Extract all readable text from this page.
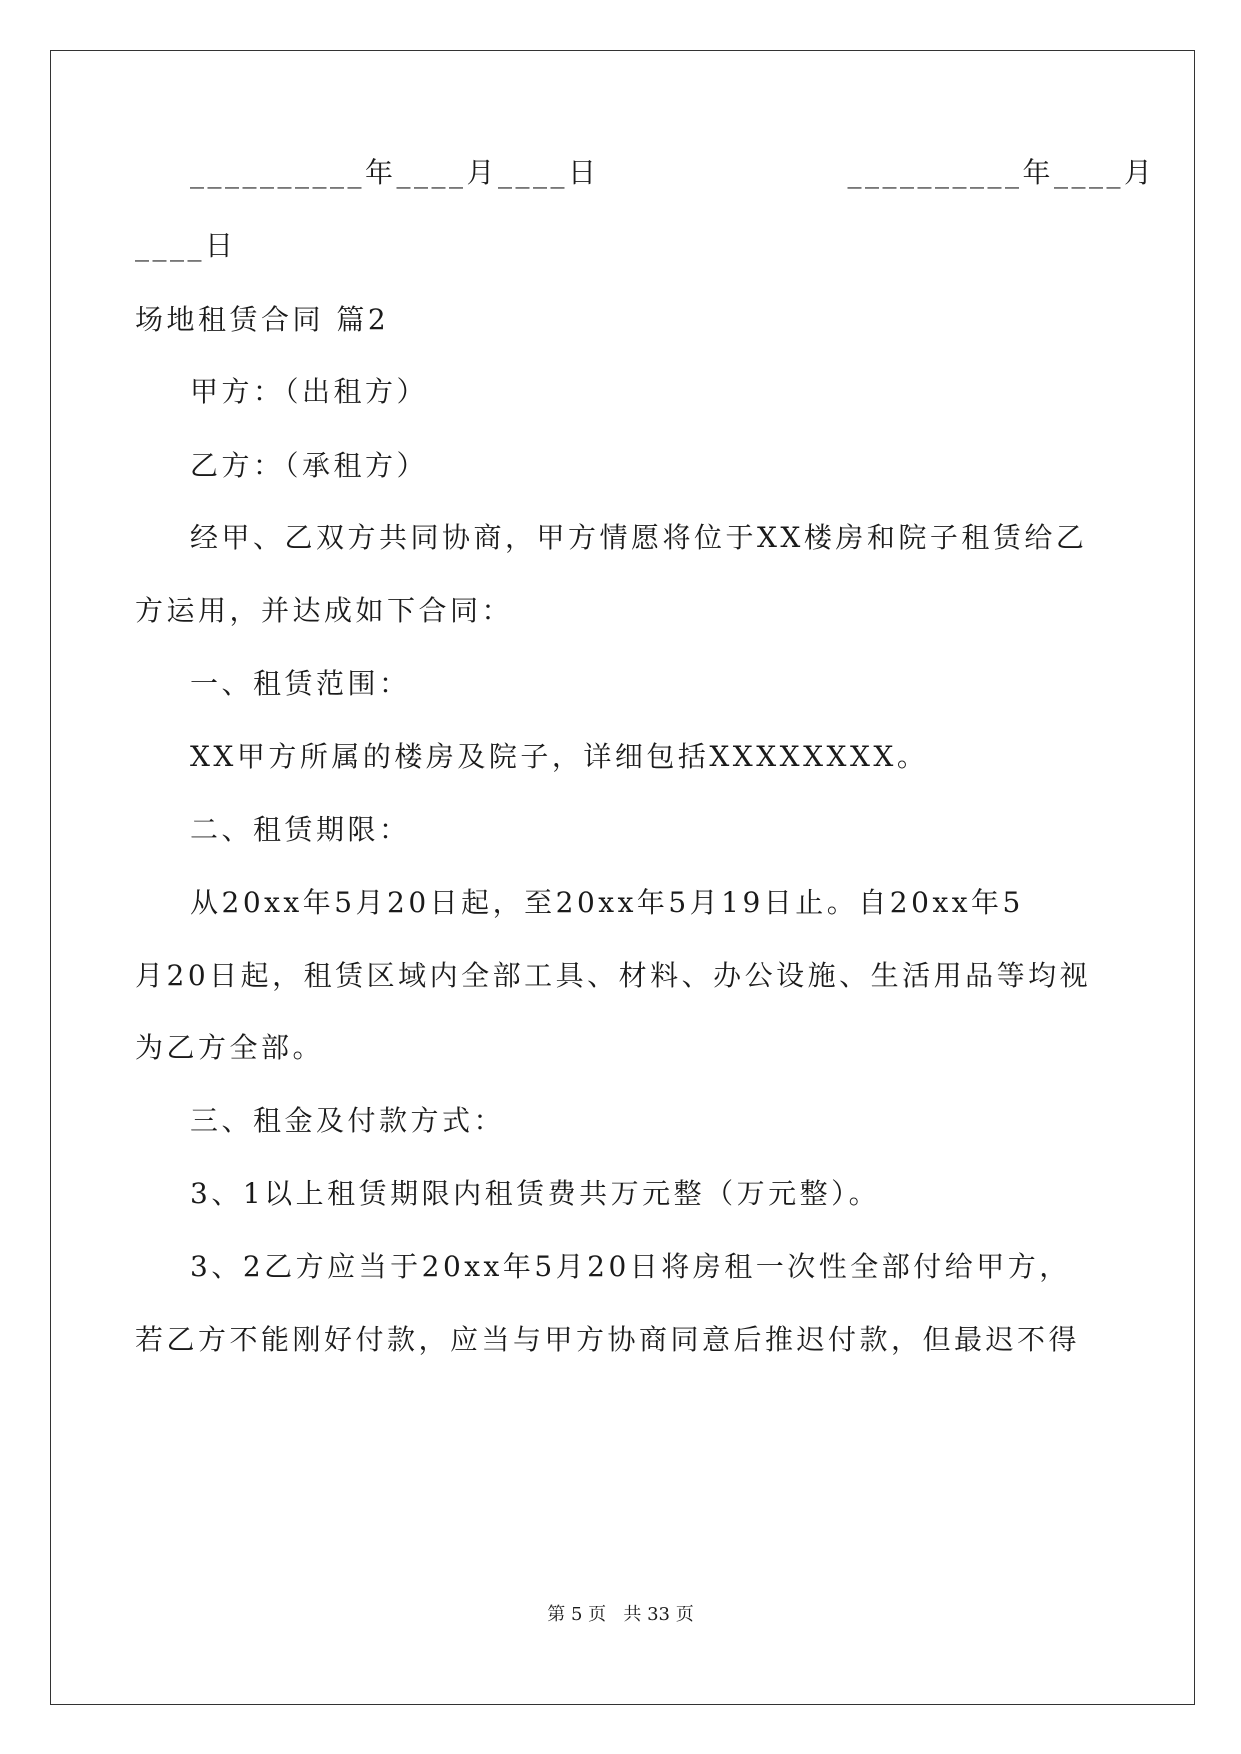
__________年____月____日                    __________年____月
____日
场地租赁合同 篇2
甲方：（出租方）
乙方：（承租方）
经甲、乙双方共同协商，甲方情愿将位于XX楼房和院子租赁给乙
方运用，并达成如下合同：
一、租赁范围：
XX甲方所属的楼房及院子，详细包括XXXXXXXX。
二、租赁期限：
从20xx年5月20日起，至20xx年5月19日止。自20xx年5
月20日起，租赁区域内全部工具、材料、办公设施、生活用品等均视
为乙方全部。
三、租金及付款方式：
3、1以上租赁期限内租赁费共万元整（万元整）。
3、2乙方应当于20xx年5月20日将房租一次性全部付给甲方，
若乙方不能刚好付款，应当与甲方协商同意后推迟付款，但最迟不得
第 5 页   共 33 页
